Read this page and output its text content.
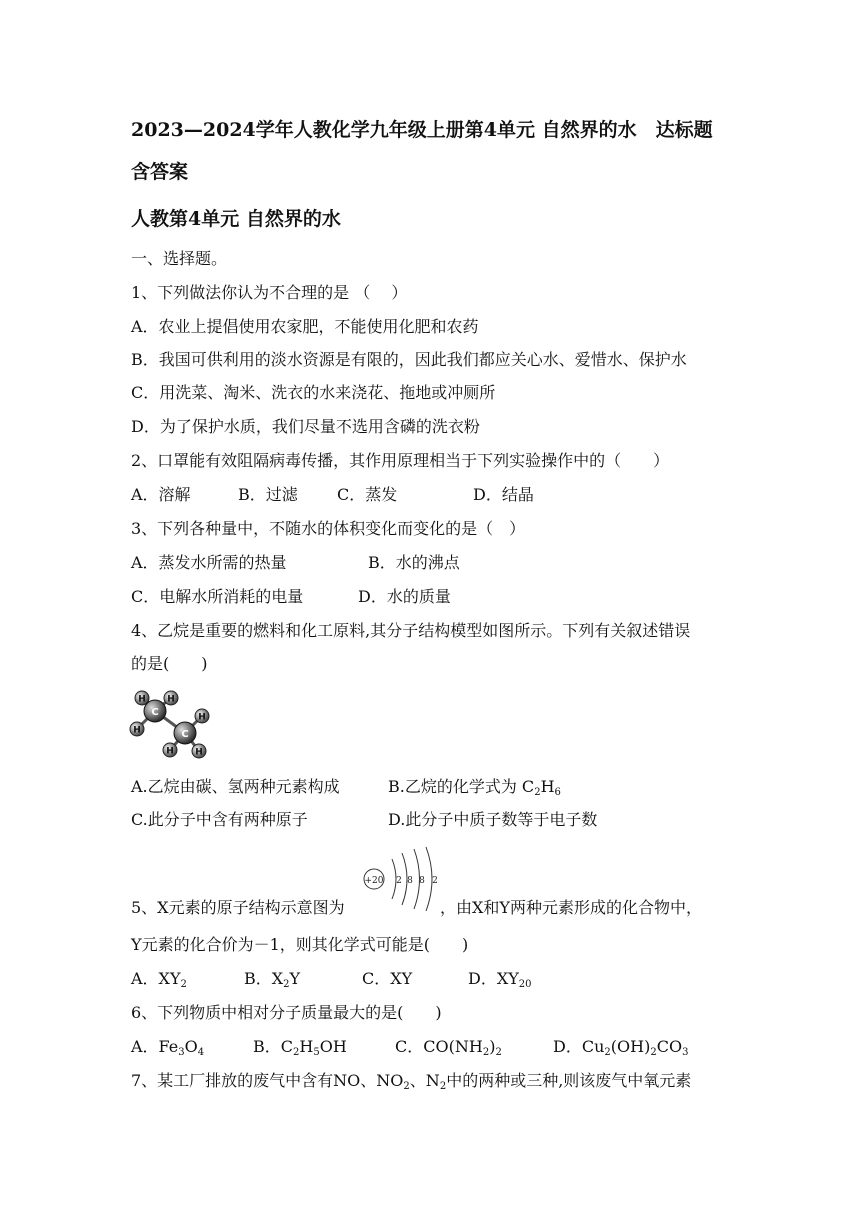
2023—2024学年人教化学九年级上册第4单元 自然界的水　达标题
含答案
人教第4单元 自然界的水
一、选择题。
1、下列做法你认为不合理的是 （　 ）
A．农业上提倡使用农家肥，不能使用化肥和农药
B．我国可供利用的淡水资源是有限的，因此我们都应关心水、爱惜水、保护水
C．用洗菜、淘米、洗衣的水来浇花、拖地或冲厕所
D．为了保护水质，我们尽量不选用含磷的洗衣粉
2、口罩能有效阻隔病毒传播，其作用原理相当于下列实验操作中的（　　）
A．溶解	B．过滤 C．蒸发	D．结晶
3、下列各种量中，不随水的体积变化而变化的是（　）
A．蒸发水所需的热量	B．水的沸点
C．电解水所消耗的电量	D．水的质量
4、乙烷是重要的燃料和化工原料,其分子结构模型如图所示。下列有关叙述错误
的是(　　)
H H
H
H
H H
C
C
A.乙烷由碳、氢两种元素构成	B.乙烷的化学式为 $C_2H_6$
C.此分子中含有两种原子	D.此分子中质子数等于电子数
+20 2 8 8 2
5、X元素的原子结构示意图为	，由X和Y两种元素形成的化合物中，
Y元素的化合价为－1，则其化学式可能是(　　)
A．$XY_2$	B．$X_2Y$	C．XY	D．$XY_{20}$
6、下列物质中相对分子质量最大的是(　　)
A．$Fe_3O_4$	B．$C_2H_5OH$	C．$CO(NH_2)_2$	D．$Cu_2(OH)_2CO_3$
7、某工厂排放的废气中含有NO、$NO_2$、$N_2$中的两种或三种,则该废气中氧元素
